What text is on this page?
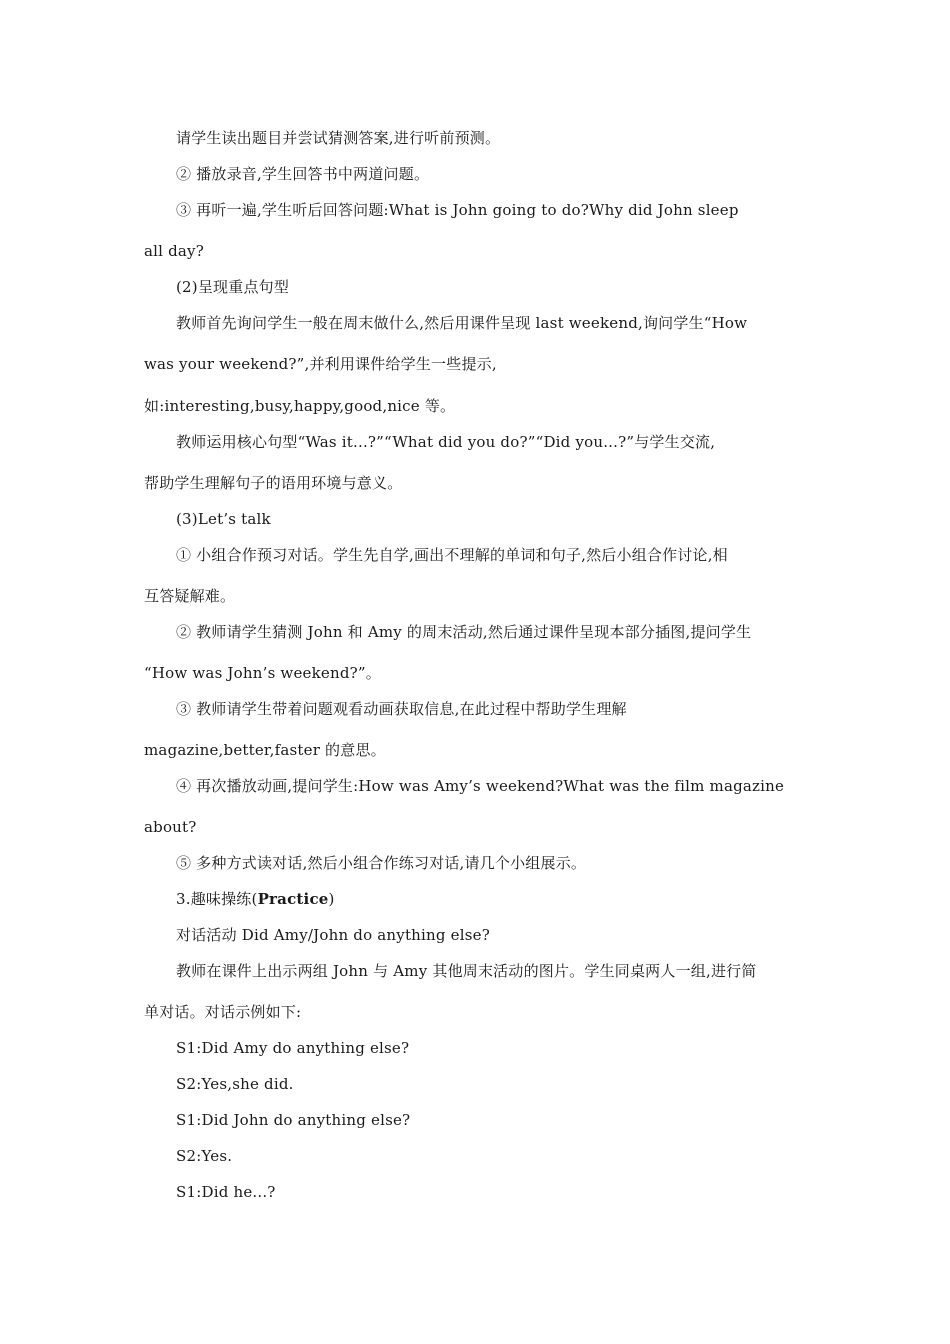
请学生读出题目并尝试猜测答案,进行听前预测。
② 播放录音,学生回答书中两道问题。
③ 再听一遍,学生听后回答问题:What is John going to do?Why did John sleep
all day?
(2)呈现重点句型
教师首先询问学生一般在周末做什么,然后用课件呈现 last weekend,询问学生“How
was your weekend?”,并利用课件给学生一些提示,
如:interesting,busy,happy,good,nice 等。
教师运用核心句型“Was it...?”“What did you do?”“Did you...?”与学生交流,
帮助学生理解句子的语用环境与意义。
(3)Let’s talk
① 小组合作预习对话。学生先自学,画出不理解的单词和句子,然后小组合作讨论,相
互答疑解难。
② 教师请学生猜测 John 和 Amy 的周末活动,然后通过课件呈现本部分插图,提问学生
“How was John’s weekend?”。
③ 教师请学生带着问题观看动画获取信息,在此过程中帮助学生理解
magazine,better,faster 的意思。
④ 再次播放动画,提问学生:How was Amy’s weekend?What was the film magazine
about?
⑤ 多种方式读对话,然后小组合作练习对话,请几个小组展示。
3.趣味操练(Practice)
对话活动 Did Amy/John do anything else?
教师在课件上出示两组 John 与 Amy 其他周末活动的图片。学生同桌两人一组,进行简
单对话。对话示例如下:
S1:Did Amy do anything else?
S2:Yes,she did.
S1:Did John do anything else?
S2:Yes.
S1:Did he...?
